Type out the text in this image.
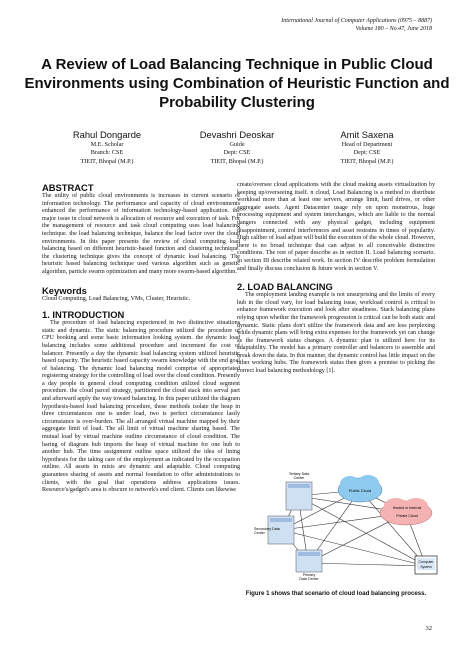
International Journal of Computer Applications (0975 – 8887)
Volume 180 – No.47, June 2018
A Review of Load Balancing Technique in Public Cloud Environments using Combination of Heuristic Function and Probability Clustering
Rahul Dongarde
M.E. Scholar
Branch: CSE
TIEIT, Bhopal (M.P.)
Devashri Deoskar
Guide
Dept: CSE
TIEIT, Bhopal (M.P.)
Amit Saxena
Head of Department
Dept: CSE
TIEIT, Bhopal (M.P.)
ABSTRACT

The utility of public cloud environments is increases in current scenario of information technology. The performance and capacity of cloud environments enhanced the performance of information technology-based application. the major issue in cloud network is allocation of resource and execution of task. For the management of resource and task cloud computing uses load balancing technique. the load balancing technique, balance the load factor over the cloud environments. In this paper presents the review of cloud computing load balancing based on different heuristic-based function and clustering technique. the clustering technique gives the concept of dynamic load balancing. The heuristic based balancing technique used various algorithm such as genetic algorithm, particle swarm optimization and many more swarm-based algorithm.

Keywords

Cloud Computing, Load Balancing, VMs, Cluster, Heuristic.

1. INTRODUCTION

The procedure of load balancing experienced in two distinctive situations static and dynamic. The static balancing procedure utilized the procedure of CPU booking and some basic information looking system. the dynamic load balancing includes some additional procedure and increment the cost of balancer. Presently a day the dynamic load balancing system utilized heuristic based capacity. The heuristic based capacity swarm knowledge with the end goal of balancing. The dynamic load balancing model comprise of appropriated registering strategy for the controlling of load over the cloud condition. Presently a day people in general cloud computing condition utilized cloud segment procedure. the cloud parcel strategy, partitioned the cloud stack into serval part and afterward apply the way toward balancing. In this paper utilized the diagram hypothesis-based load balancing procedure, these methods isolate the heap in three circumstances one is under load, two is perfect circumstance lastly circumstance is over-burden. The all arranged virtual machine mapped by their aggregate limit of load. The all limit of virtual machine sharing based. The mutual load by virtual machine outline circumstance of cloud condition. The haring of diagram hub imports the heap of virtual machine for one hub to another hub. The time assignment outline space utilized the idea of lining hypothesis for the taking care of the employment as indicated by the occupation outline. All assets in mists are dynamic and adaptable. Cloud computing guarantees sharing of assets and normal foundation to offer administrations to clients, with the goal that operations address applications issues. Resource's/gadget's area is obscure to network's end client. Clients can likewise

create/oversee cloud applications with the cloud making assets virtualization by keeping up/overseeing itself. n cloud, Load Balancing is a method to distribute workload more than at least one servers, arrange limit, hard drives, or other aggregate assets. Agent Datacenter usage rely on upon monstrous, huge processing equipment and system interchanges, which are liable to the normal dangers connected with any physical gadget, including equipment disappointment, control interferences and asset restrains in times of popularity. High caliber of load adjust will build the execution of the whole cloud. However, there is no broad technique that can adjust to all conceivable distinctive conditions. The rest of paper describe as in section II. Load balancing scenario. In section III describe related work. In section IV describe problem formulation and finally discuss conclusion & future work in section V.

2. LOAD BALANCING

The employment landing example is not unsurprising and the limits of every hub in the cloud vary, for load balancing issue, workload control is critical to enhance framework execution and look after steadiness. Stack balancing plans relying upon whether the framework progression is critical can be both static and dynamic. Static plans don't utilize the framework data and are less perplexing while dynamic plans will bring extra expenses for the framework yet can change as the framework status changes. A dynamic plan is utilized here for its adaptability. The model has a primary controller and balancers to assemble and break down the data. In this manner, the dynamic control has little impact on the other working hubs. The framework status then gives a premise to picking the correct load balancing methodology [1].

Tertiary Data
Center
Public Cloud
Hosted or Internal
Private Cloud
Secondary Data
Center
Primary
Data Center
Computer
System
Figure 1 shows that scenario of cloud load balancing process.
32
